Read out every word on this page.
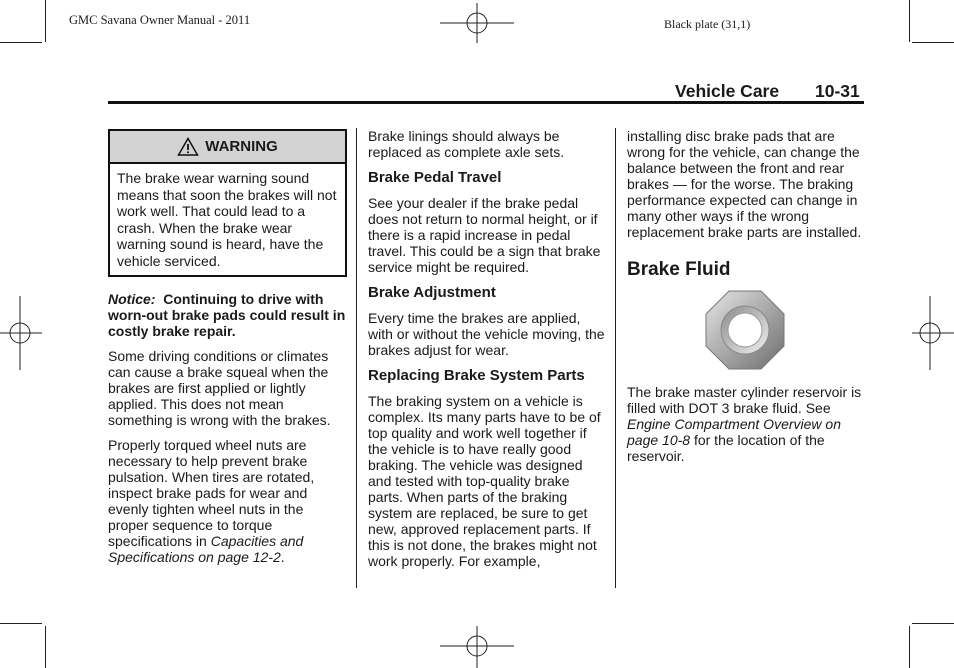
GMC Savana Owner Manual - 2011	Black plate (31,1)
Vehicle Care 10-31
WARNING
The brake wear warning sound means that soon the brakes will not work well. That could lead to a crash. When the brake wear warning sound is heard, have the vehicle serviced.

Notice: Continuing to drive with worn-out brake pads could result in costly brake repair.

Some driving conditions or climates can cause a brake squeal when the brakes are first applied or lightly applied. This does not mean something is wrong with the brakes.

Properly torqued wheel nuts are necessary to help prevent brake pulsation. When tires are rotated, inspect brake pads for wear and evenly tighten wheel nuts in the proper sequence to torque specifications in Capacities and Specifications on page 12-2.

Brake linings should always be replaced as complete axle sets.

Brake Pedal Travel

See your dealer if the brake pedal does not return to normal height, or if there is a rapid increase in pedal travel. This could be a sign that brake service might be required.

Brake Adjustment

Every time the brakes are applied, with or without the vehicle moving, the brakes adjust for wear.

Replacing Brake System Parts

The braking system on a vehicle is complex. Its many parts have to be of top quality and work well together if the vehicle is to have really good braking. The vehicle was designed and tested with top-quality brake parts. When parts of the braking system are replaced, be sure to get new, approved replacement parts. If this is not done, the brakes might not work properly. For example,

installing disc brake pads that are wrong for the vehicle, can change the balance between the front and rear brakes — for the worse. The braking performance expected can change in many other ways if the wrong replacement brake parts are installed.

Brake Fluid

The brake master cylinder reservoir is filled with DOT 3 brake fluid. See Engine Compartment Overview on page 10-8 for the location of the reservoir.
